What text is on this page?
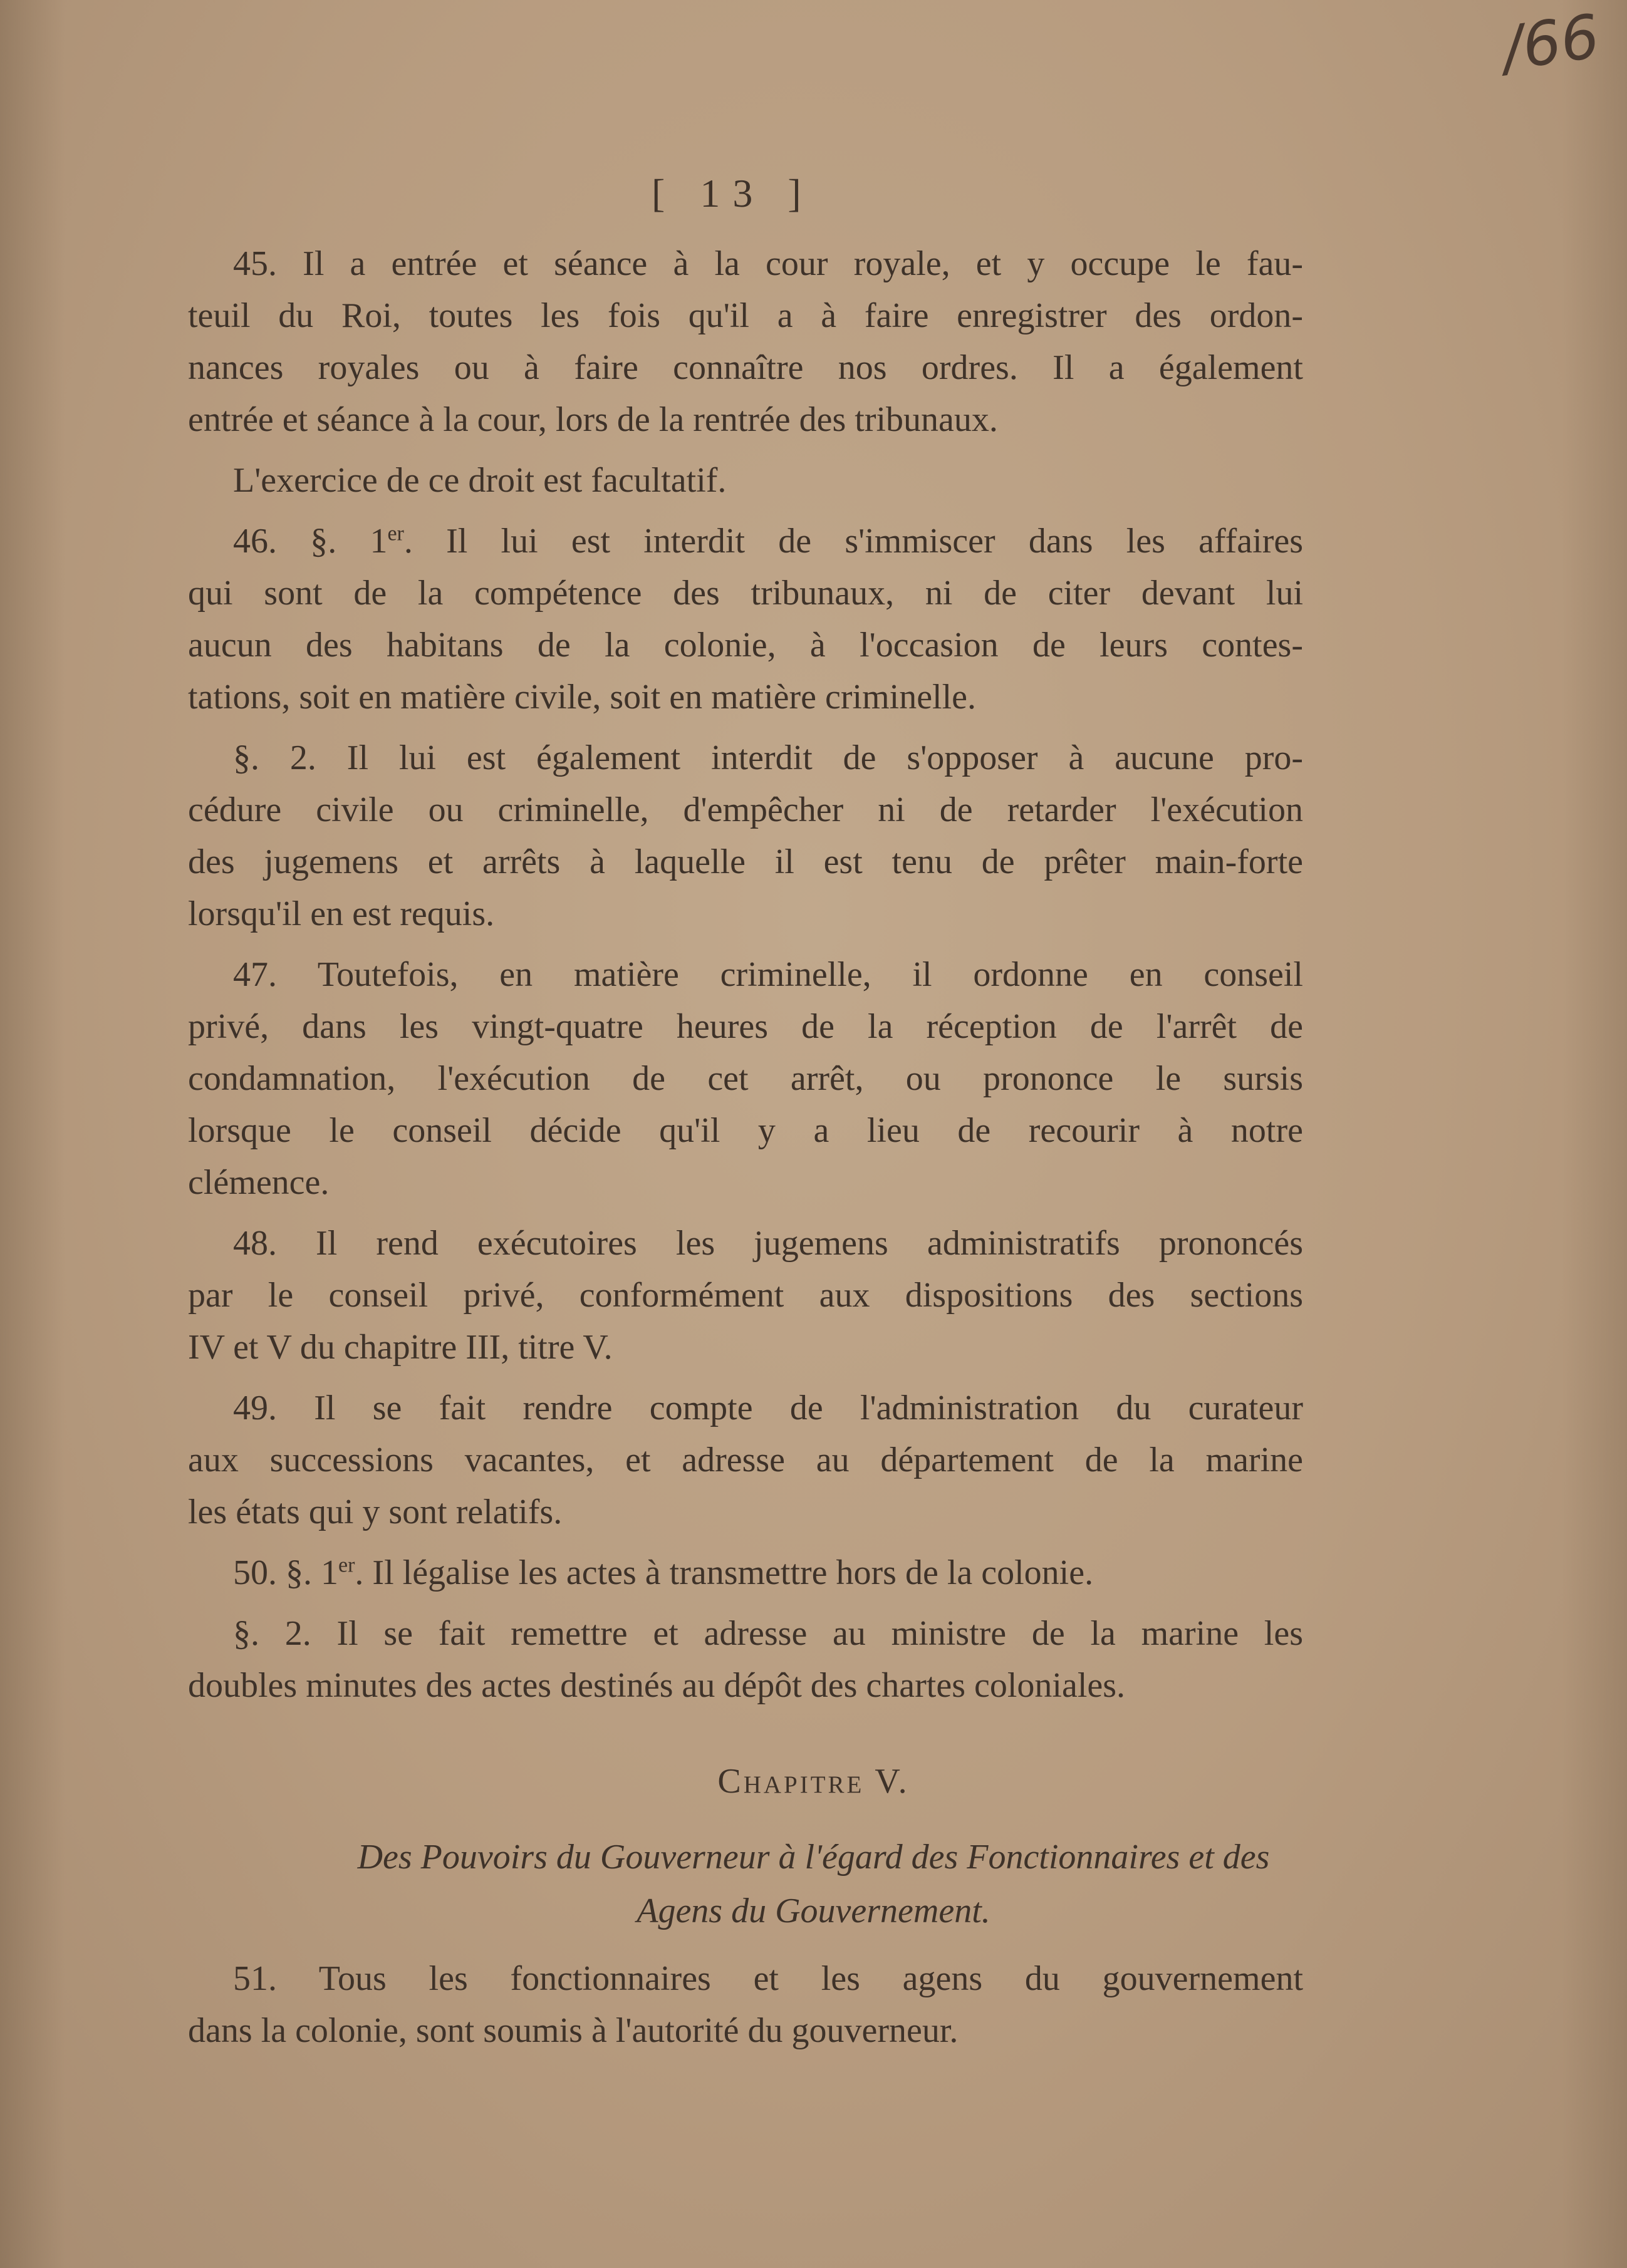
/66
[ 13 ]
45. Il a entrée et séance à la cour royale, et y occupe le fau-
teuil du Roi, toutes les fois qu'il a à faire enregistrer des ordon-
nances royales ou à faire connaître nos ordres. Il a également
entrée et séance à la cour, lors de la rentrée des tribunaux.
L'exercice de ce droit est facultatif.
46. §. 1er. Il lui est interdit de s'immiscer dans les affaires
qui sont de la compétence des tribunaux, ni de citer devant lui
aucun des habitans de la colonie, à l'occasion de leurs contes-
tations, soit en matière civile, soit en matière criminelle.
§. 2. Il lui est également interdit de s'opposer à aucune pro-
cédure civile ou criminelle, d'empêcher ni de retarder l'exécution
des jugemens et arrêts à laquelle il est tenu de prêter main-forte
lorsqu'il en est requis.
47. Toutefois, en matière criminelle, il ordonne en conseil
privé, dans les vingt-quatre heures de la réception de l'arrêt de
condamnation, l'exécution de cet arrêt, ou prononce le sursis
lorsque le conseil décide qu'il y a lieu de recourir à notre
clémence.
48. Il rend exécutoires les jugemens administratifs prononcés
par le conseil privé, conformément aux dispositions des sections
IV et V du chapitre III, titre V.
49. Il se fait rendre compte de l'administration du curateur
aux successions vacantes, et adresse au département de la marine
les états qui y sont relatifs.
50. §. 1er. Il légalise les actes à transmettre hors de la colonie.
§. 2. Il se fait remettre et adresse au ministre de la marine les
doubles minutes des actes destinés au dépôt des chartes coloniales.
Chapitre V.
Des Pouvoirs du Gouverneur à l'égard des Fonctionnaires et des
Agens du Gouvernement.
51. Tous les fonctionnaires et les agens du gouvernement
dans la colonie, sont soumis à l'autorité du gouverneur.
